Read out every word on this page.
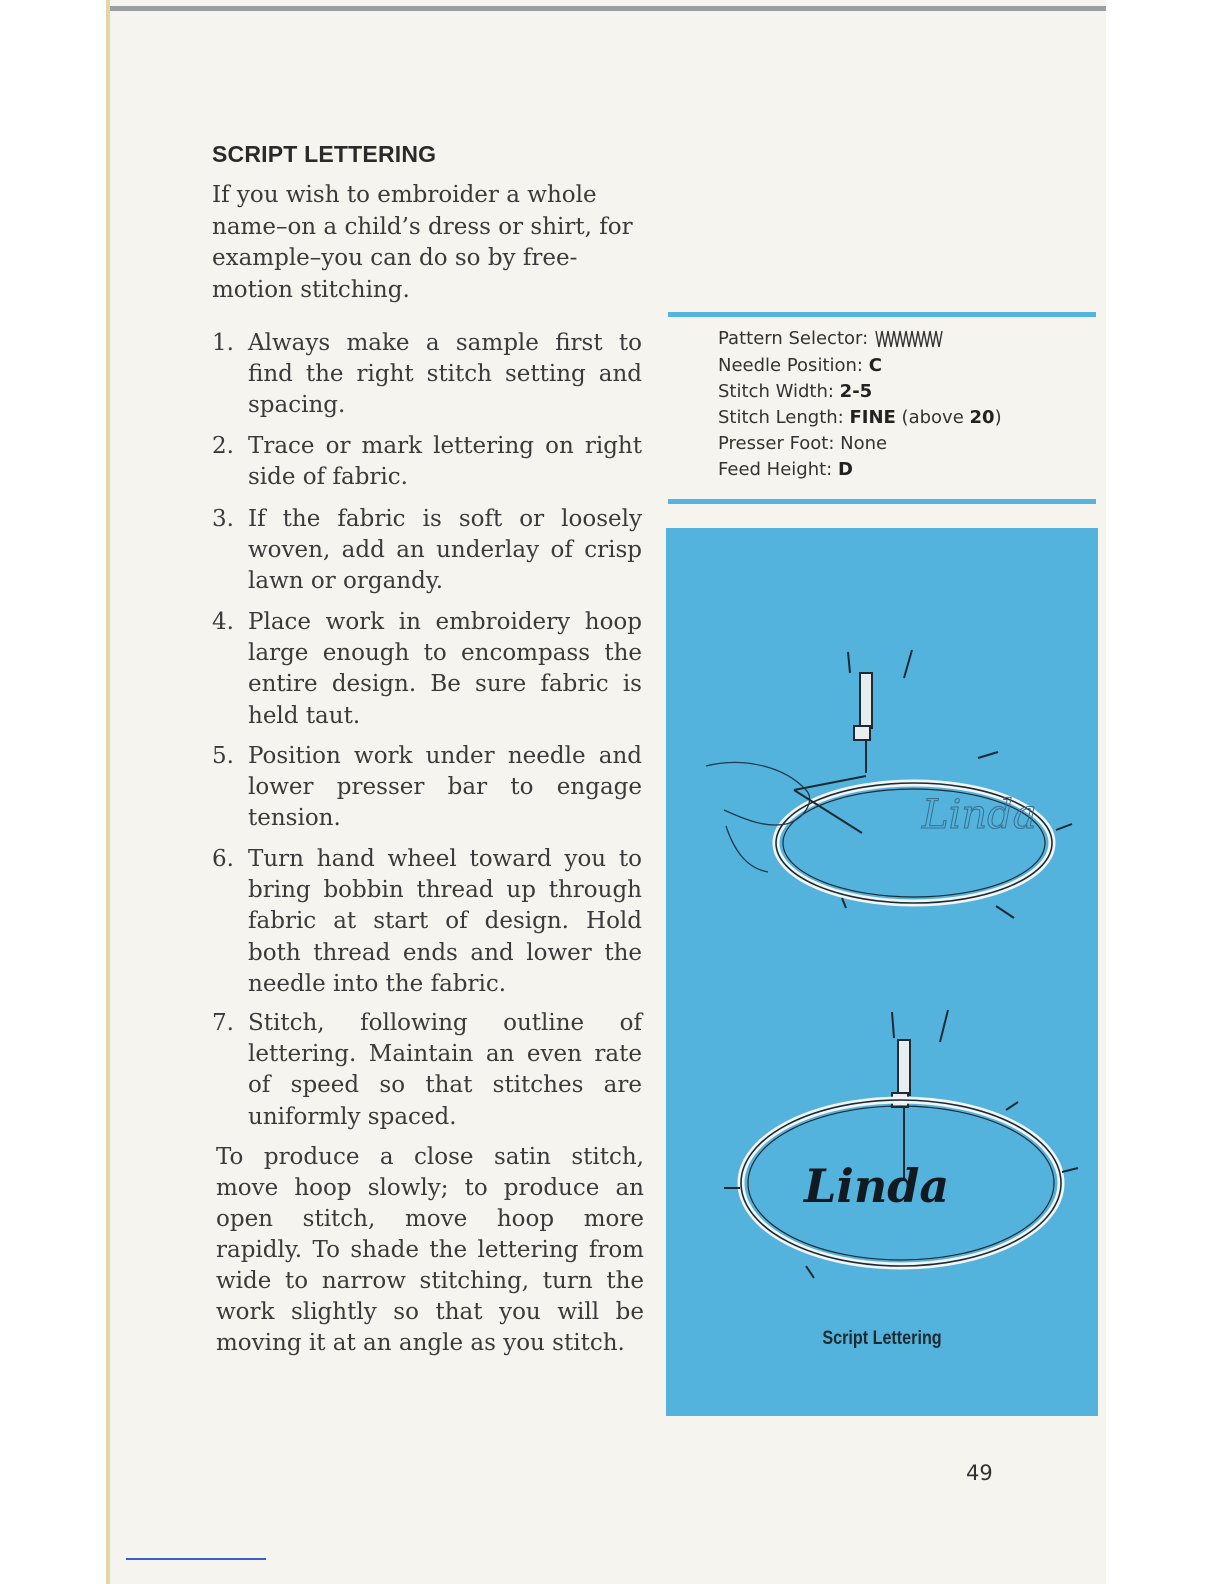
SCRIPT LETTERING
If you wish to embroider a whole name–on a child’s dress or shirt, for example–you can do so by free-motion stitching.
1. Always make a sample first to find the right stitch setting and spacing.
2. Trace or mark lettering on right side of fabric.
3. If the fabric is soft or loosely woven, add an underlay of crisp lawn or organdy.
4. Place work in embroidery hoop large enough to encompass the entire design. Be sure fabric is held taut.
5. Position work under needle and lower presser bar to engage tension.
6. Turn hand wheel toward you to bring bobbin thread up through fabric at start of design. Hold both thread ends and lower the needle into the fabric.
7. Stitch, following outline of lettering. Maintain an even rate of speed so that stitches are uniformly spaced.
To produce a close satin stitch, move hoop slowly; to produce an open stitch, move hoop more rapidly. To shade the lettering from wide to narrow stitching, turn the work slightly so that you will be moving it at an angle as you stitch.
Pattern Selector:
Needle Position: C
Stitch Width: 2-5
Stitch Length: FINE (above 20)
Presser Foot: None
Feed Height: D
Linda
Linda
Script Lettering
49
